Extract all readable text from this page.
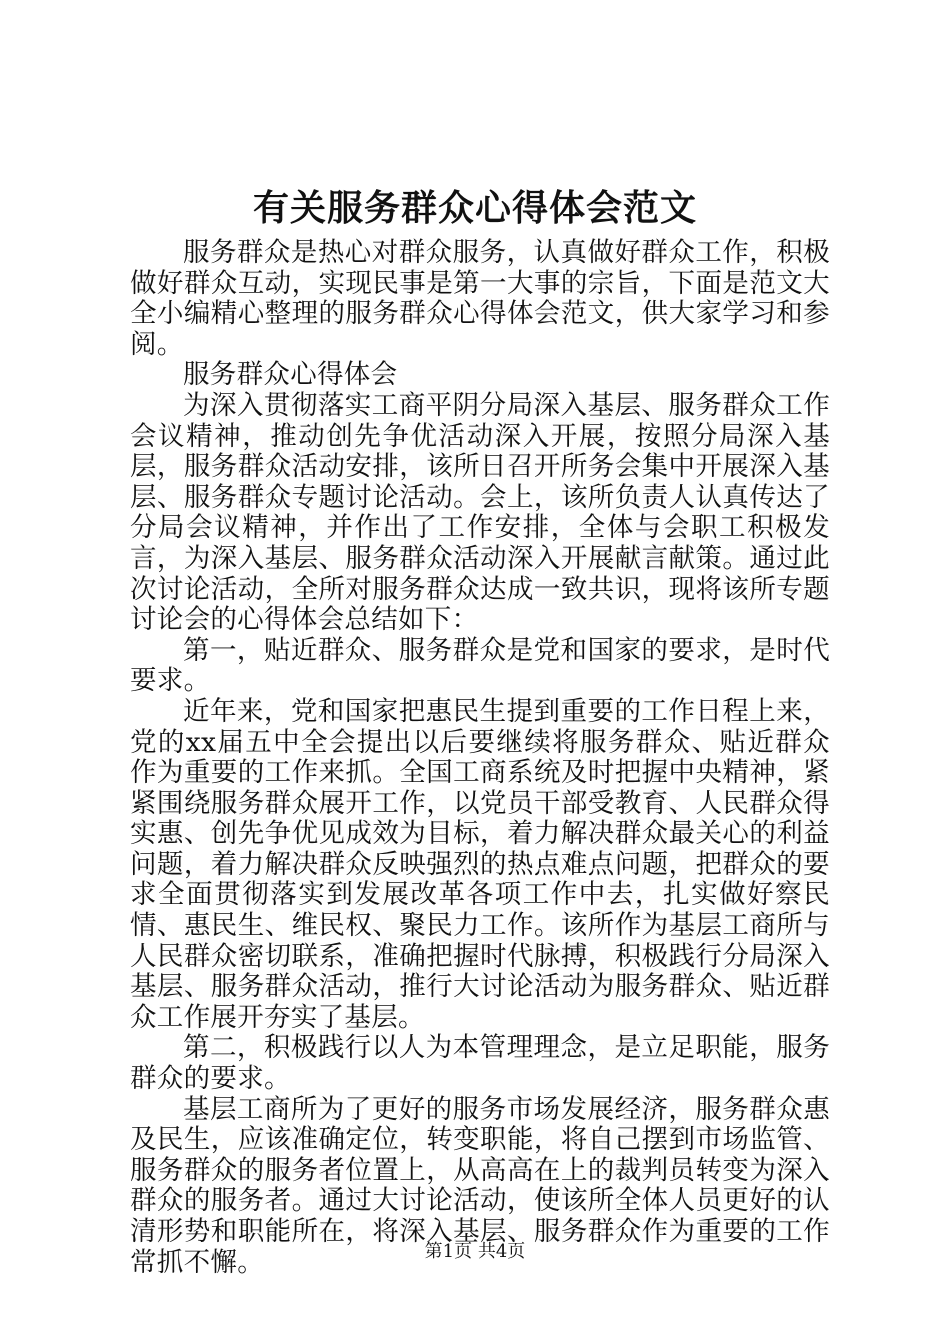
有关服务群众心得体会范文

服务群众是热心对群众服务，认真做好群众工作，积极做好群众互动，实现民事是第一大事的宗旨，下面是范文大全小编精心整理的服务群众心得体会范文，供大家学习和参阅。

服务群众心得体会

为深入贯彻落实工商平阴分局深入基层、服务群众工作会议精神，推动创先争优活动深入开展，按照分局深入基层，服务群众活动安排，该所日召开所务会集中开展深入基层、服务群众专题讨论活动。会上，该所负责人认真传达了分局会议精神，并作出了工作安排，全体与会职工积极发言，为深入基层、服务群众活动深入开展献言献策。通过此次讨论活动，全所对服务群众达成一致共识，现将该所专题讨论会的心得体会总结如下：

第一，贴近群众、服务群众是党和国家的要求，是时代要求。

近年来，党和国家把惠民生提到重要的工作日程上来，党的xx届五中全会提出以后要继续将服务群众、贴近群众作为重要的工作来抓。全国工商系统及时把握中央精神，紧紧围绕服务群众展开工作，以党员干部受教育、人民群众得实惠、创先争优见成效为目标，着力解决群众最关心的利益问题，着力解决群众反映强烈的热点难点问题，把群众的要求全面贯彻落实到发展改革各项工作中去，扎实做好察民情、惠民生、维民权、聚民力工作。该所作为基层工商所与人民群众密切联系，准确把握时代脉搏，积极践行分局深入基层、服务群众活动，推行大讨论活动为服务群众、贴近群众工作展开夯实了基层。

第二，积极践行以人为本管理理念，是立足职能，服务群众的要求。

基层工商所为了更好的服务市场发展经济，服务群众惠及民生，应该准确定位，转变职能，将自己摆到市场监管、服务群众的服务者位置上，从高高在上的裁判员转变为深入群众的服务者。通过大讨论活动，使该所全体人员更好的认清形势和职能所在，将深入基层、服务群众作为重要的工作常抓不懈。	第1页 共4页
